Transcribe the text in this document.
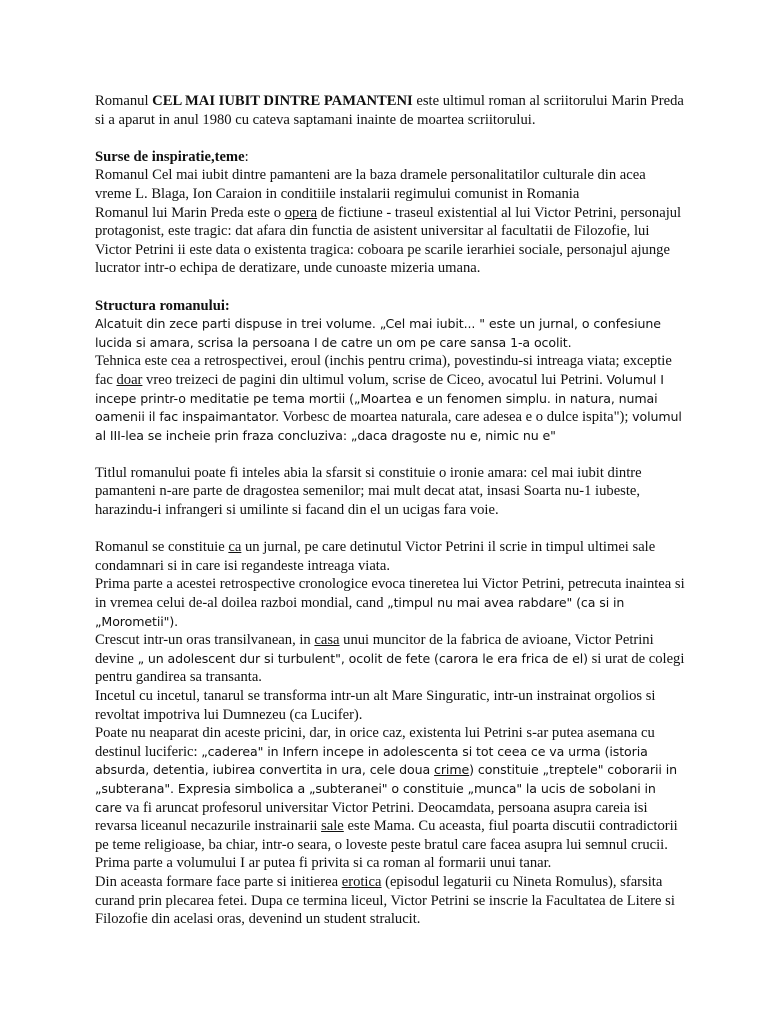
Romanul CEL MAI IUBIT DINTRE PAMANTENI este ultimul roman al scriitorului Marin Preda si a aparut in anul 1980 cu cateva saptamani inainte de moartea scriitorului.

Surse de inspiratie,teme:

Romanul Cel mai iubit dintre pamanteni are la baza dramele personalitatilor culturale din acea vreme L. Blaga, Ion Caraion in conditiile instalarii regimului comunist in Romania

Romanul lui Marin Preda este o opera de fictiune - traseul existential al lui Victor Petrini, personajul protagonist, este tragic: dat afara din functia de asistent universitar al facultatii de Filozofie, lui Victor Petrini ii este data o existenta tragica: coboara pe scarile ierarhiei sociale, personajul ajunge lucrator intr-o echipa de deratizare, unde cunoaste mizeria umana.

Structura romanului:

Alcatuit din zece parti dispuse in trei volume. „Cel mai iubit... " este un jurnal, o confesiune lucida si amara, scrisa la persoana I de catre un om pe care sansa 1-a ocolit.

Tehnica este cea a retrospectivei, eroul (inchis pentru crima), povestindu-si intreaga viata; exceptie fac doar vreo treizeci de pagini din ultimul volum, scrise de Ciceo, avocatul lui Petrini. Volumul I incepe printr-o meditatie pe tema mortii („Moartea e un fenomen simplu. in natura, numai oamenii il fac inspaimantator. Vorbesc de moartea naturala, care adesea e o dulce ispita"); volumul al III-lea se incheie prin fraza concluziva: „daca dragoste nu e, nimic nu e"

Titlul romanului poate fi inteles abia la sfarsit si constituie o ironie amara: cel mai iubit dintre pamanteni n-are parte de dragostea semenilor; mai mult decat atat, insasi Soarta nu-1 iubeste, harazindu-i infrangeri si umilinte si facand din el un ucigas fara voie.

Romanul se constituie ca un jurnal, pe care detinutul Victor Petrini il scrie in timpul ultimei sale condamnari si in care isi regandeste intreaga viata.

Prima parte a acestei retrospective cronologice evoca tineretea lui Victor Petrini, petrecuta inaintea si in vremea celui de-al doilea razboi mondial, cand „timpul nu mai avea rabdare" (ca si in „Morometii").

Crescut intr-un oras transilvanean, in casa unui muncitor de la fabrica de avioane, Victor Petrini devine „ un adolescent dur si turbulent", ocolit de fete (carora le era frica de el) si urat de colegi pentru gandirea sa transanta.

Incetul cu incetul, tanarul se transforma intr-un alt Mare Singuratic, intr-un instrainat orgolios si revoltat impotriva lui Dumnezeu (ca Lucifer).

Poate nu neaparat din aceste pricini, dar, in orice caz, existenta lui Petrini s-ar putea asemana cu destinul luciferic: „caderea" in Infern incepe in adolescenta si tot ceea ce va urma (istoria absurda, detentia, iubirea convertita in ura, cele doua crime) constituie „treptele" coborarii in „subterana". Expresia simbolica a „subteranei" o constituie „munca" la ucis de sobolani in care va fi aruncat profesorul universitar Victor Petrini. Deocamdata, persoana asupra careia isi revarsa liceanul necazurile instrainarii sale este Mama. Cu aceasta, fiul poarta discutii contradictorii pe teme religioase, ba chiar, intr-o seara, o loveste peste bratul care facea asupra lui semnul crucii.

Prima parte a volumului I ar putea fi privita si ca roman al formarii unui tanar.

Din aceasta formare face parte si initierea erotica (episodul legaturii cu Nineta Romulus), sfarsita curand prin plecarea fetei. Dupa ce termina liceul, Victor Petrini se inscrie la Facultatea de Litere si Filozofie din acelasi oras, devenind un student stralucit.
